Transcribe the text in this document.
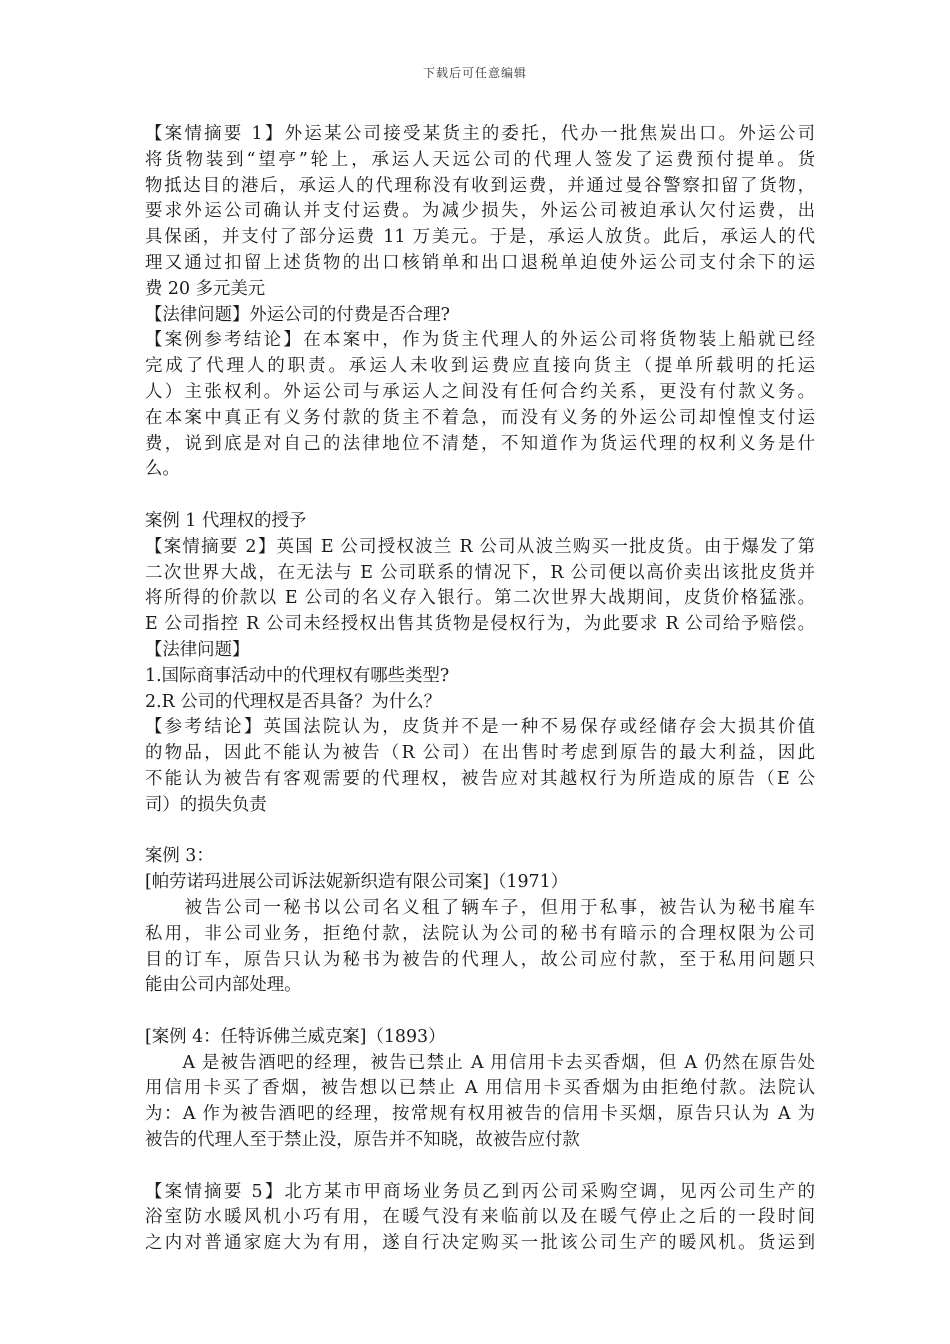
下载后可任意编辑
【案情摘要 1】外运某公司接受某货主的委托，代办一批焦炭出口。外运公司
将货物装到“望亭”轮上，承运人天远公司的代理人签发了运费预付提单。货
物抵达目的港后，承运人的代理称没有收到运费，并通过曼谷警察扣留了货物，
要求外运公司确认并支付运费。为减少损失，外运公司被迫承认欠付运费，出
具保函，并支付了部分运费 11 万美元。于是，承运人放货。此后，承运人的代
理又通过扣留上述货物的出口核销单和出口退税单迫使外运公司支付余下的运
费 20 多元美元
【法律问题】外运公司的付费是否合理?
【案例参考结论】在本案中，作为货主代理人的外运公司将货物装上船就已经
完成了代理人的职责。承运人未收到运费应直接向货主（提单所载明的托运
人）主张权利。外运公司与承运人之间没有任何合约关系，更没有付款义务。
在本案中真正有义务付款的货主不着急，而没有义务的外运公司却惶惶支付运
费，说到底是对自己的法律地位不清楚，不知道作为货运代理的权利义务是什
么。
案例 1 代理权的授予
【案情摘要 2】英国 E 公司授权波兰 R 公司从波兰购买一批皮货。由于爆发了第
二次世界大战，在无法与 E 公司联系的情况下，R 公司便以高价卖出该批皮货并
将所得的价款以 E 公司的名义存入银行。第二次世界大战期间，皮货价格猛涨。
E 公司指控 R 公司未经授权出售其货物是侵权行为，为此要求 R 公司给予赔偿。
【法律问题】
1.国际商事活动中的代理权有哪些类型?
2.R 公司的代理权是否具备？为什么？
【参考结论】英国法院认为，皮货并不是一种不易保存或经储存会大损其价值
的物品，因此不能认为被告（R 公司）在出售时考虑到原告的最大利益，因此
不能认为被告有客观需要的代理权，被告应对其越权行为所造成的原告（E 公
司）的损失负责
案例 3：
[帕劳诺玛进展公司诉法妮新织造有限公司案]（1971）
　　被告公司一秘书以公司名义租了辆车子，但用于私事，被告认为秘书雇车
私用，非公司业务，拒绝付款，法院认为公司的秘书有暗示的合理权限为公司
目的订车，原告只认为秘书为被告的代理人，故公司应付款，至于私用问题只
能由公司内部处理。
[案例 4：任特诉佛兰威克案]（1893）
　　A 是被告酒吧的经理，被告已禁止 A 用信用卡去买香烟，但 A 仍然在原告处
用信用卡买了香烟，被告想以已禁止 A 用信用卡买香烟为由拒绝付款。法院认
为：A 作为被告酒吧的经理，按常规有权用被告的信用卡买烟，原告只认为 A 为
被告的代理人至于禁止没，原告并不知晓，故被告应付款
【案情摘要 5】北方某市甲商场业务员乙到丙公司采购空调，见丙公司生产的
浴室防水暖风机小巧有用，在暖气没有来临前以及在暖气停止之后的一段时间
之内对普通家庭大为有用，遂自行决定购买一批该公司生产的暖风机。货运到
